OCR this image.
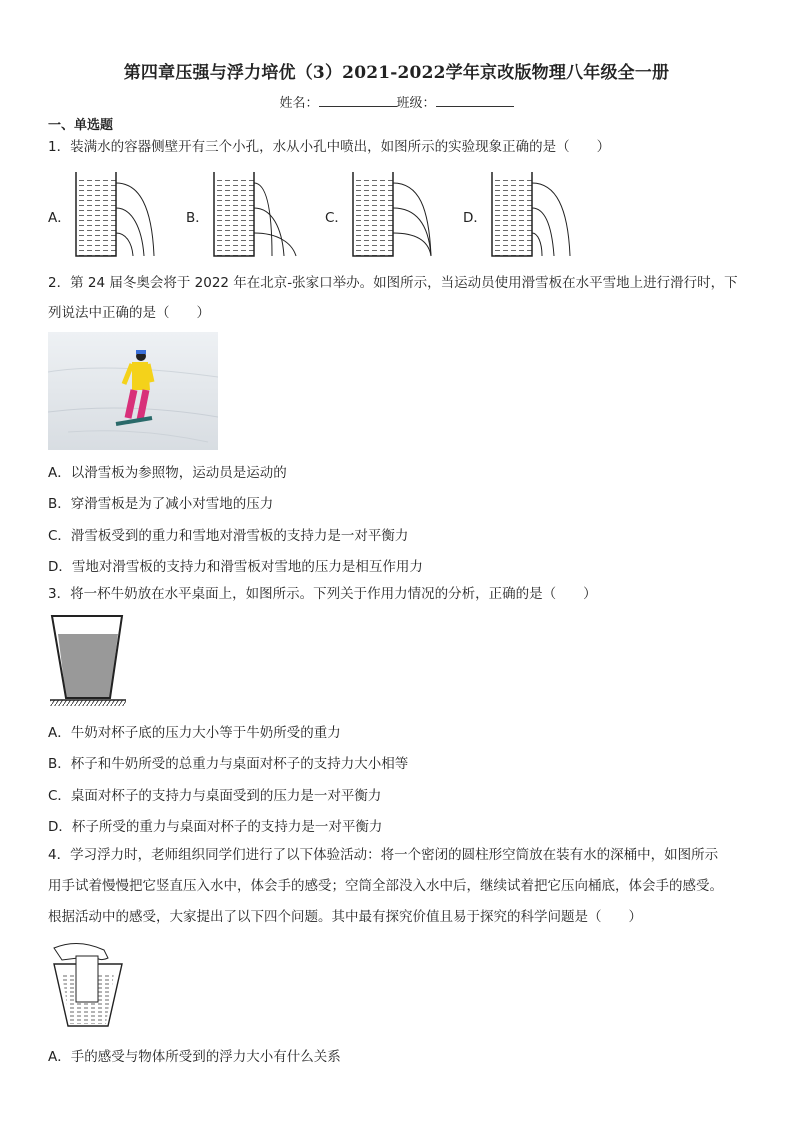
第四章压强与浮力培优（3）2021-2022学年京改版物理八年级全一册
姓名：	班级：
一、单选题
1．装满水的容器侧壁开有三个小孔，水从小孔中喷出，如图所示的实验现象正确的是（　　）
A．	B．	C．	D．
2．第 24 届冬奥会将于 2022 年在北京-张家口举办。如图所示，当运动员使用滑雪板在水平雪地上进行滑行时，下
列说法中正确的是（　　）
A．以滑雪板为参照物，运动员是运动的
B．穿滑雪板是为了减小对雪地的压力
C．滑雪板受到的重力和雪地对滑雪板的支持力是一对平衡力
D．雪地对滑雪板的支持力和滑雪板对雪地的压力是相互作用力
3．将一杯牛奶放在水平桌面上，如图所示。下列关于作用力情况的分析，正确的是（　　）
A．牛奶对杯子底的压力大小等于牛奶所受的重力
B．杯子和牛奶所受的总重力与桌面对杯子的支持力大小相等
C．桌面对杯子的支持力与桌面受到的压力是一对平衡力
D．杯子所受的重力与桌面对杯子的支持力是一对平衡力
4．学习浮力时，老师组织同学们进行了以下体验活动：将一个密闭的圆柱形空筒放在装有水的深桶中，如图所示
用手试着慢慢把它竖直压入水中，体会手的感受；空筒全部没入水中后，继续试着把它压向桶底，体会手的感受。
根据活动中的感受，大家提出了以下四个问题。其中最有探究价值且易于探究的科学问题是（　　）
A．手的感受与物体所受到的浮力大小有什么关系
